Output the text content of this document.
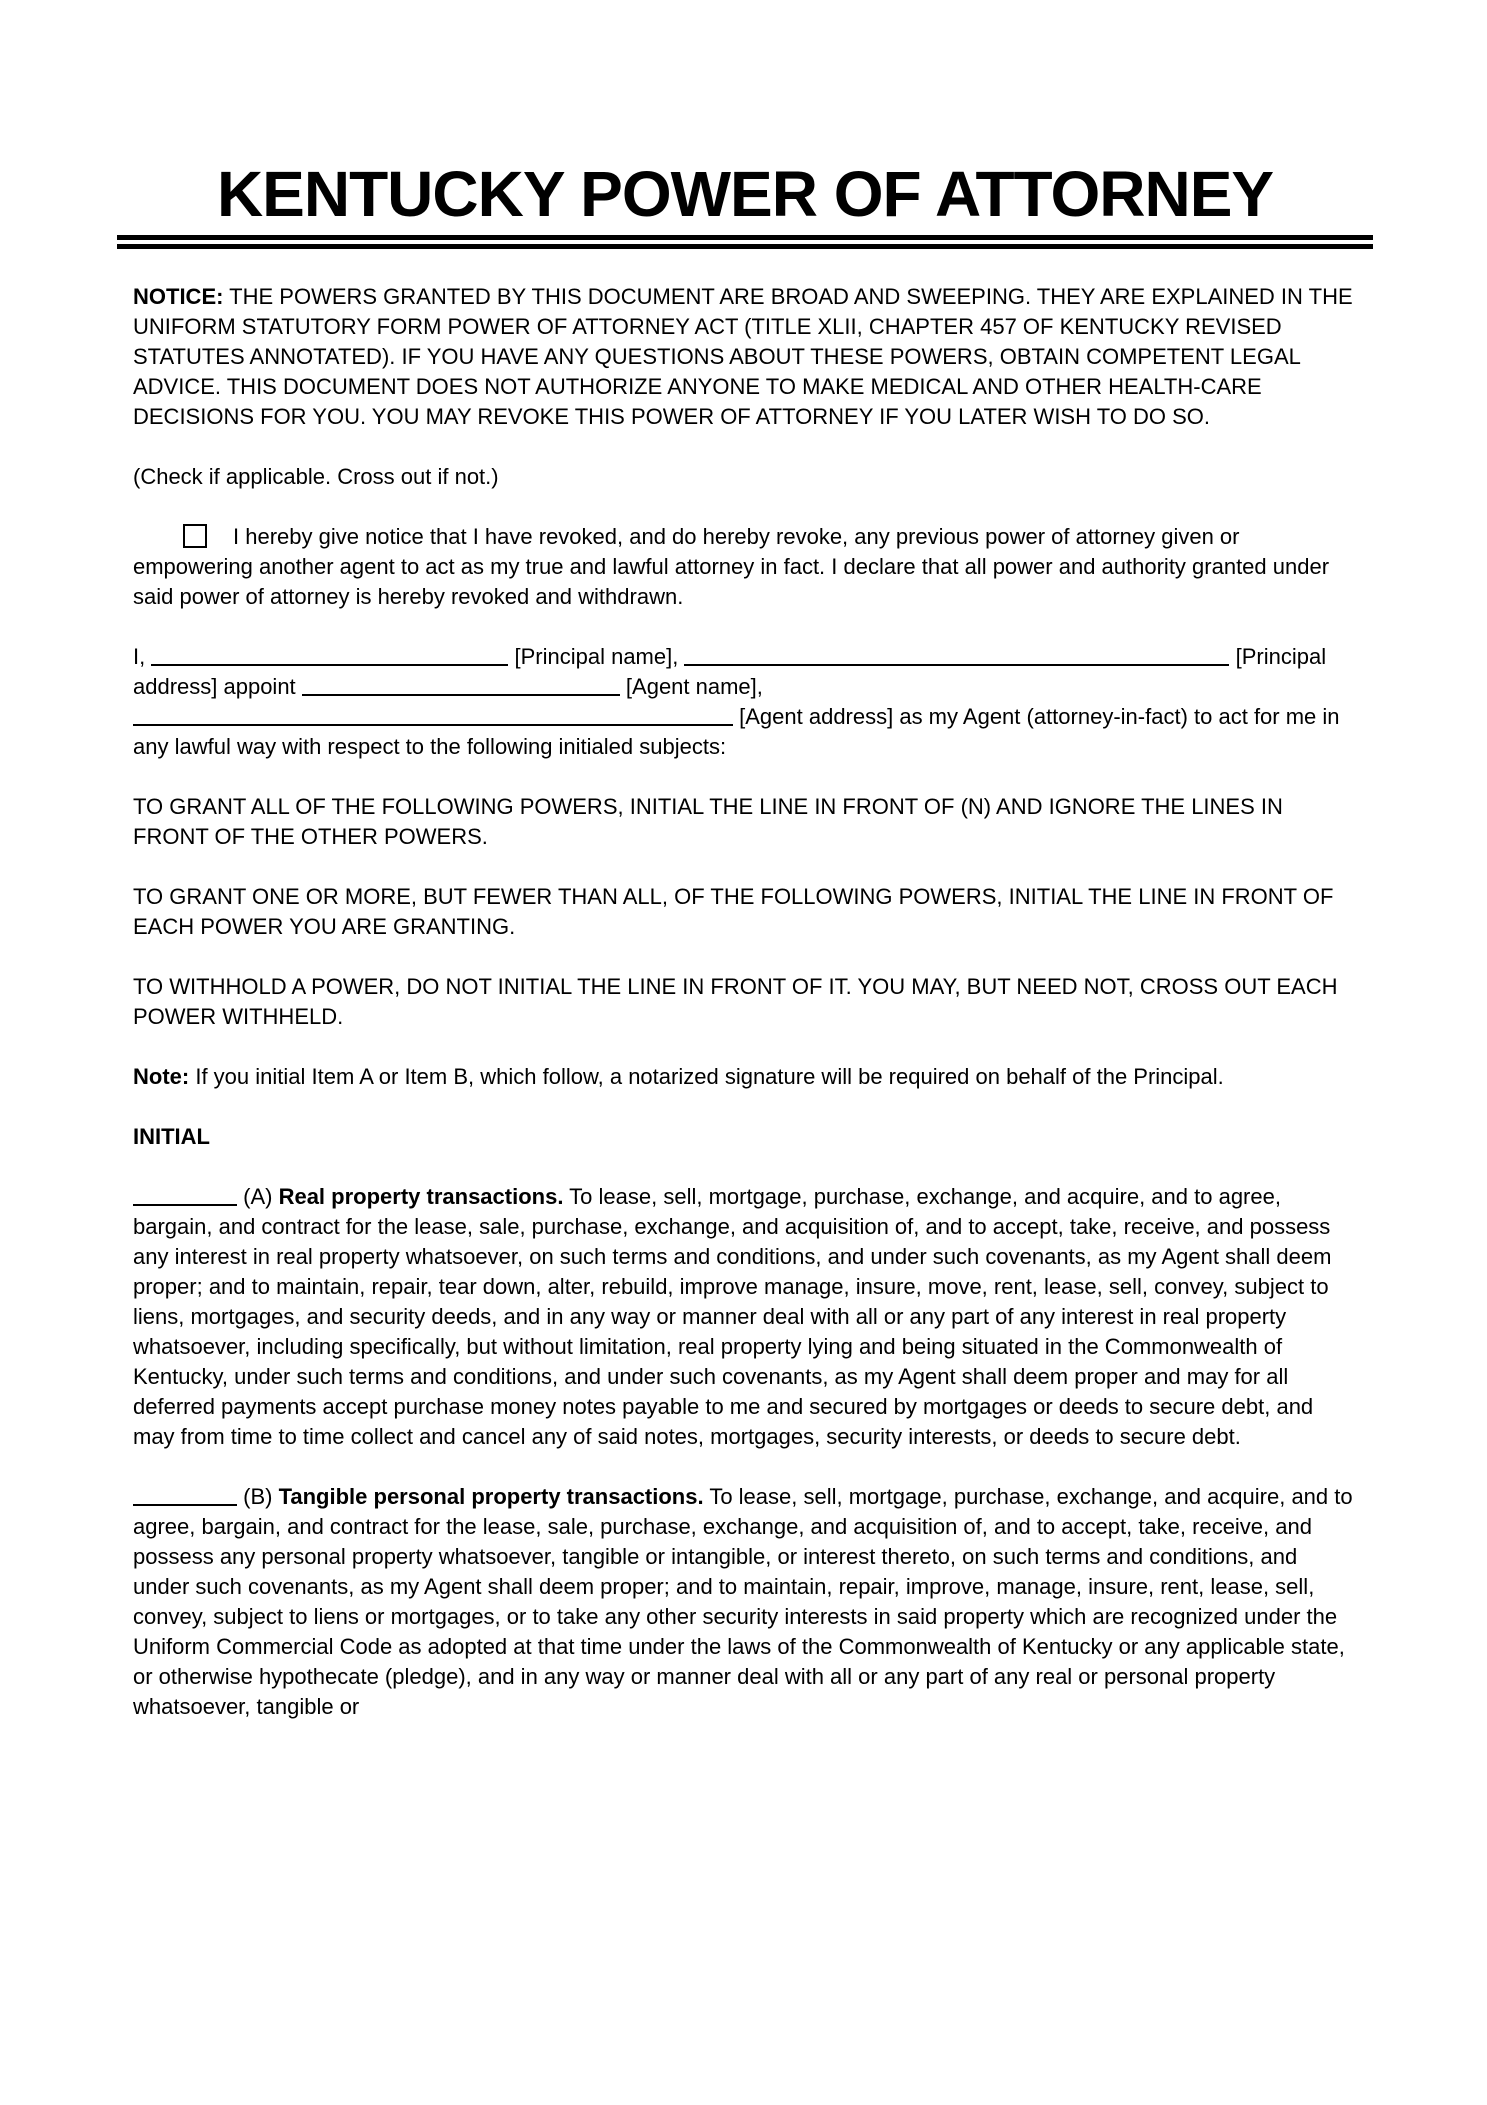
KENTUCKY POWER OF ATTORNEY

NOTICE: THE POWERS GRANTED BY THIS DOCUMENT ARE BROAD AND SWEEPING. THEY ARE EXPLAINED IN THE UNIFORM STATUTORY FORM POWER OF ATTORNEY ACT (TITLE XLII, CHAPTER 457 OF KENTUCKY REVISED STATUTES ANNOTATED). IF YOU HAVE ANY QUESTIONS ABOUT THESE POWERS, OBTAIN COMPETENT LEGAL ADVICE. THIS DOCUMENT DOES NOT AUTHORIZE ANYONE TO MAKE MEDICAL AND OTHER HEALTH-CARE DECISIONS FOR YOU. YOU MAY REVOKE THIS POWER OF ATTORNEY IF YOU LATER WISH TO DO SO.

(Check if applicable. Cross out if not.)

I hereby give notice that I have revoked, and do hereby revoke, any previous power of attorney given or empowering another agent to act as my true and lawful attorney in fact. I declare that all power and authority granted under said power of attorney is hereby revoked and withdrawn.

I,	[Principal name],	[Principal address] appoint	[Agent name],  [Agent address] as my Agent (attorney-in-fact) to act for me in any lawful way with respect to the following initialed subjects:

TO GRANT ALL OF THE FOLLOWING POWERS, INITIAL THE LINE IN FRONT OF (N) AND IGNORE THE LINES IN FRONT OF THE OTHER POWERS.

TO GRANT ONE OR MORE, BUT FEWER THAN ALL, OF THE FOLLOWING POWERS, INITIAL THE LINE IN FRONT OF EACH POWER YOU ARE GRANTING.

TO WITHHOLD A POWER, DO NOT INITIAL THE LINE IN FRONT OF IT. YOU MAY, BUT NEED NOT, CROSS OUT EACH POWER WITHHELD.

Note: If you initial Item A or Item B, which follow, a notarized signature will be required on behalf of the Principal.

INITIAL

(A) Real property transactions. To lease, sell, mortgage, purchase, exchange, and acquire, and to agree, bargain, and contract for the lease, sale, purchase, exchange, and acquisition of, and to accept, take, receive, and possess any interest in real property whatsoever, on such terms and conditions, and under such covenants, as my Agent shall deem proper; and to maintain, repair, tear down, alter, rebuild, improve manage, insure, move, rent, lease, sell, convey, subject to liens, mortgages, and security deeds, and in any way or manner deal with all or any part of any interest in real property whatsoever, including specifically, but without limitation, real property lying and being situated in the Commonwealth of Kentucky, under such terms and conditions, and under such covenants, as my Agent shall deem proper and may for all deferred payments accept purchase money notes payable to me and secured by mortgages or deeds to secure debt, and may from time to time collect and cancel any of said notes, mortgages, security interests, or deeds to secure debt.

(B) Tangible personal property transactions. To lease, sell, mortgage, purchase, exchange, and acquire, and to agree, bargain, and contract for the lease, sale, purchase, exchange, and acquisition of, and to accept, take, receive, and possess any personal property whatsoever, tangible or intangible, or interest thereto, on such terms and conditions, and under such covenants, as my Agent shall deem proper; and to maintain, repair, improve, manage, insure, rent, lease, sell, convey, subject to liens or mortgages, or to take any other security interests in said property which are recognized under the Uniform Commercial Code as adopted at that time under the laws of the Commonwealth of Kentucky or any applicable state, or otherwise hypothecate (pledge), and in any way or manner deal with all or any part of any real or personal property whatsoever, tangible or
